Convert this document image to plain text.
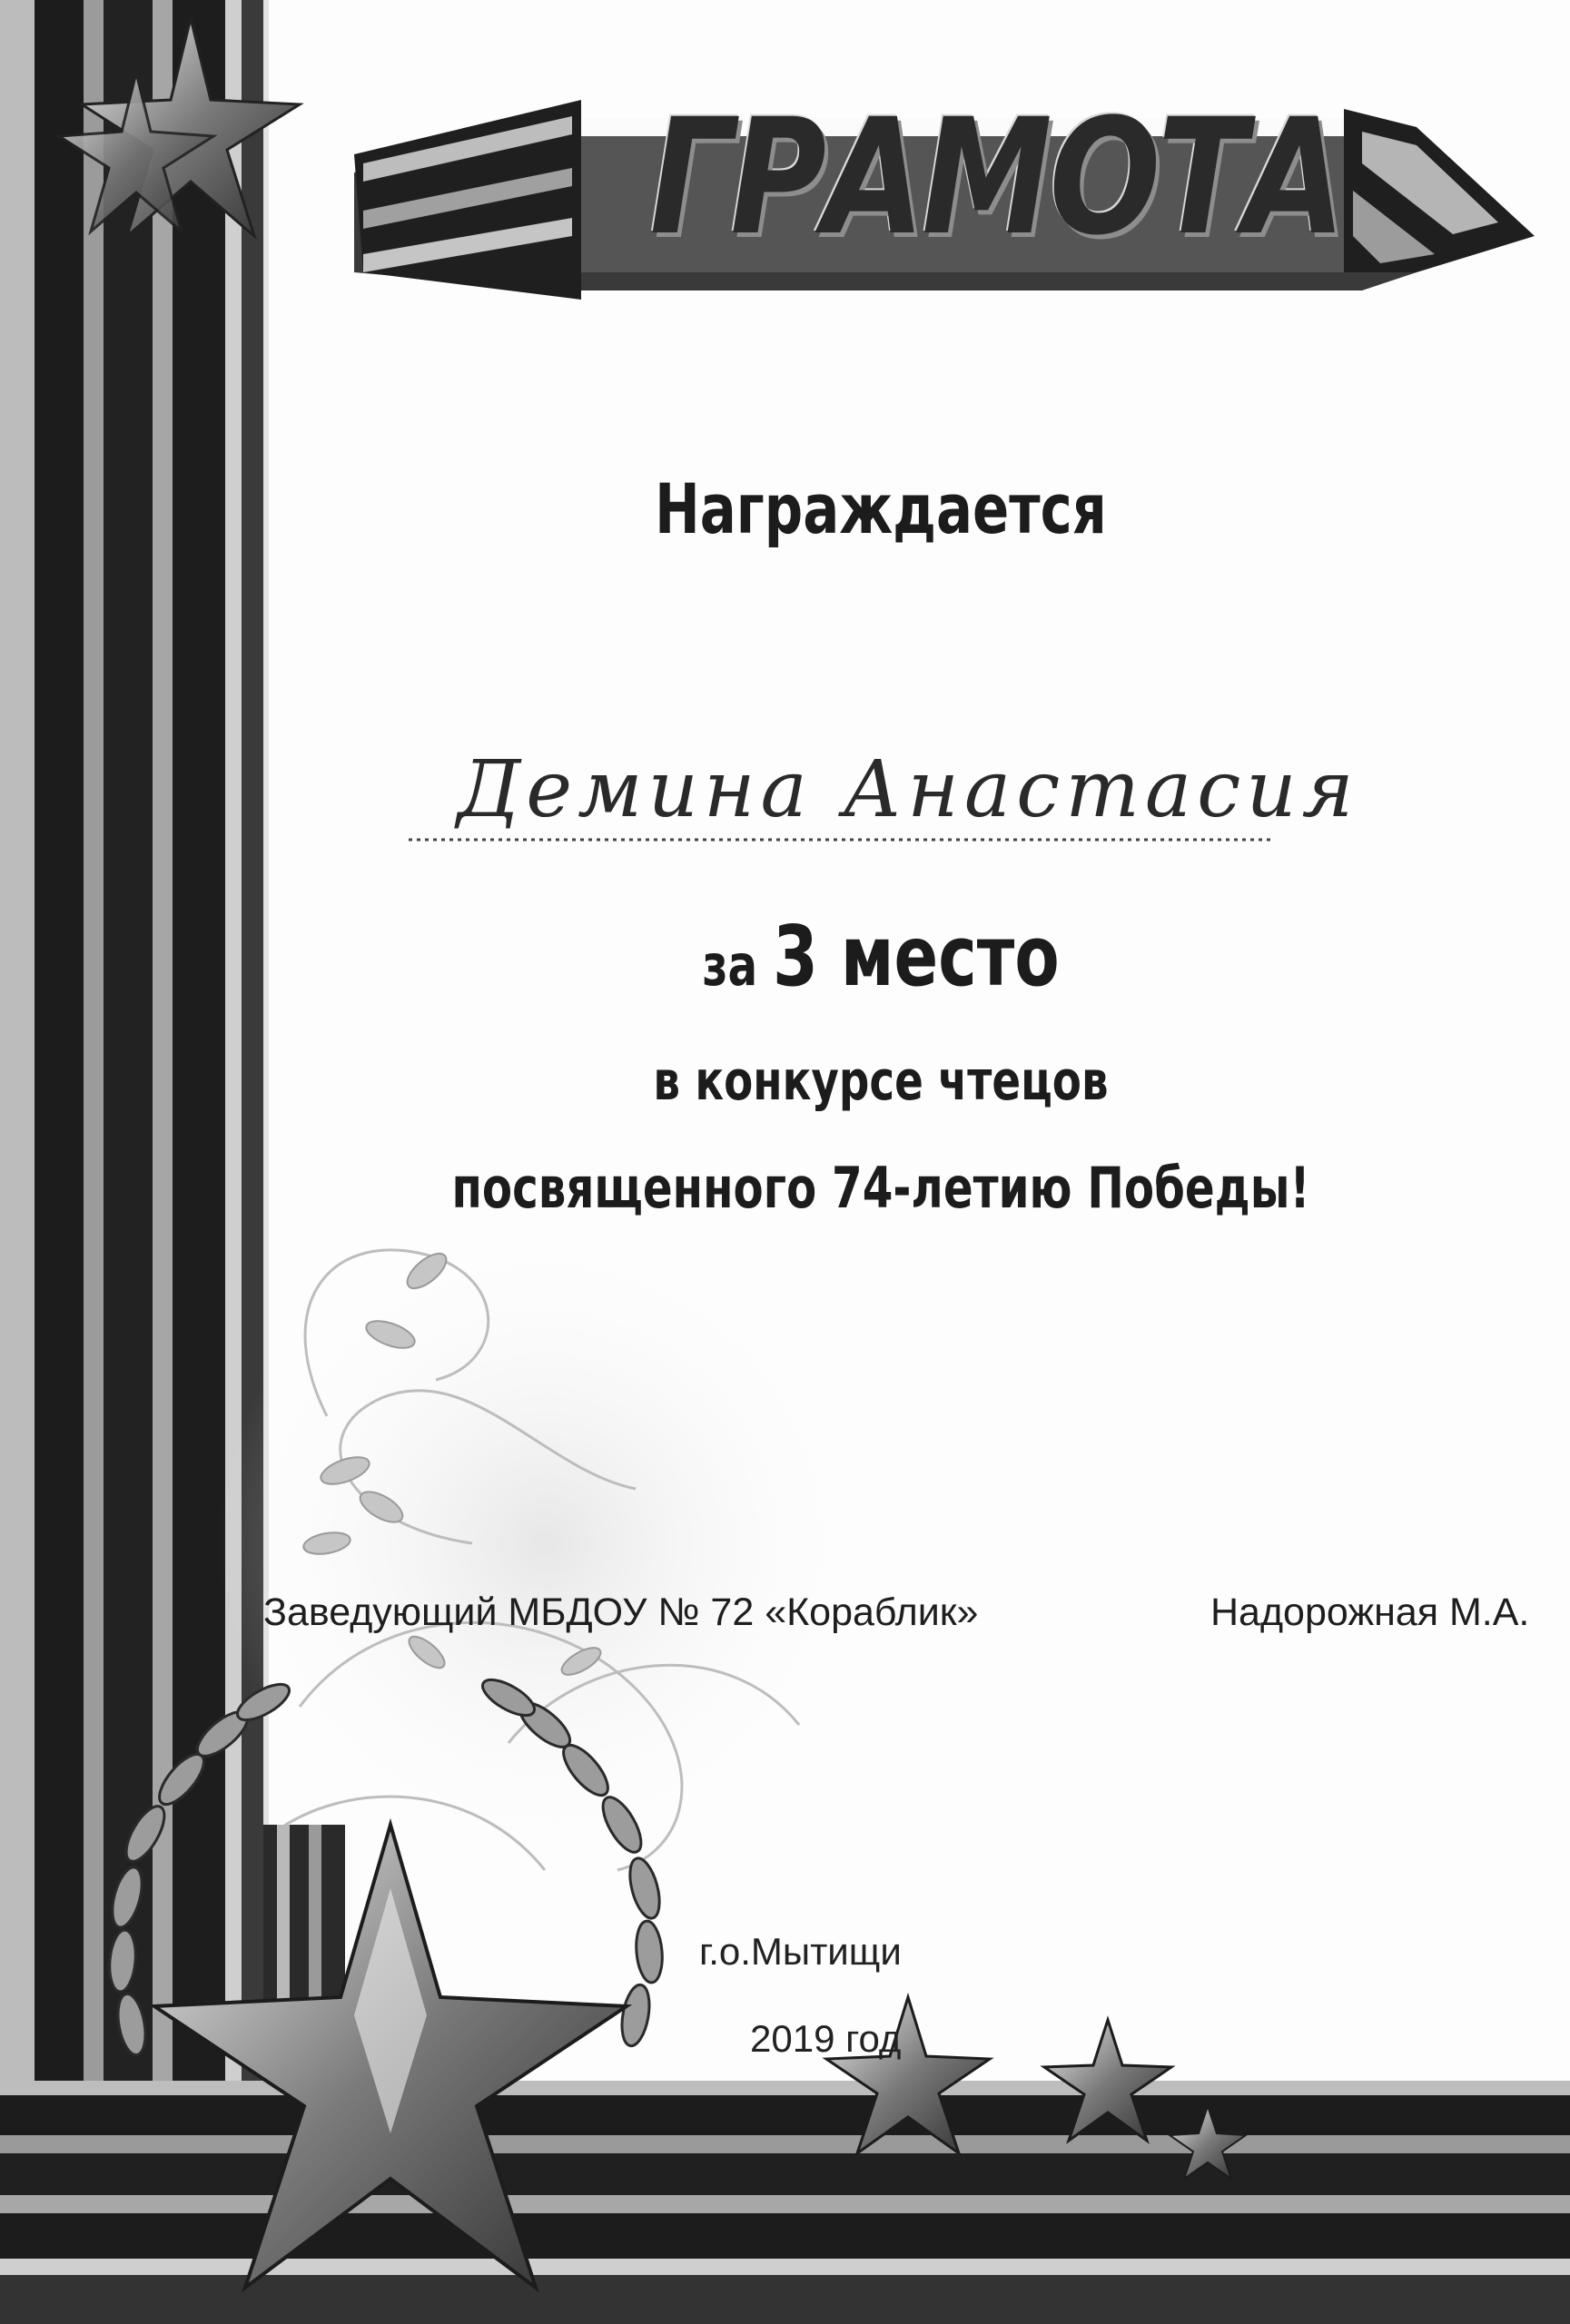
ГРАМОТА
Награждается
Демина Анастасия
за 3 место
в конкурсе чтецов
посвященного 74-летию Победы!
Заведующий МБДОУ № 72 «Кораблик»	Надорожная М.А.
г.о.Мытищи
2019 год
